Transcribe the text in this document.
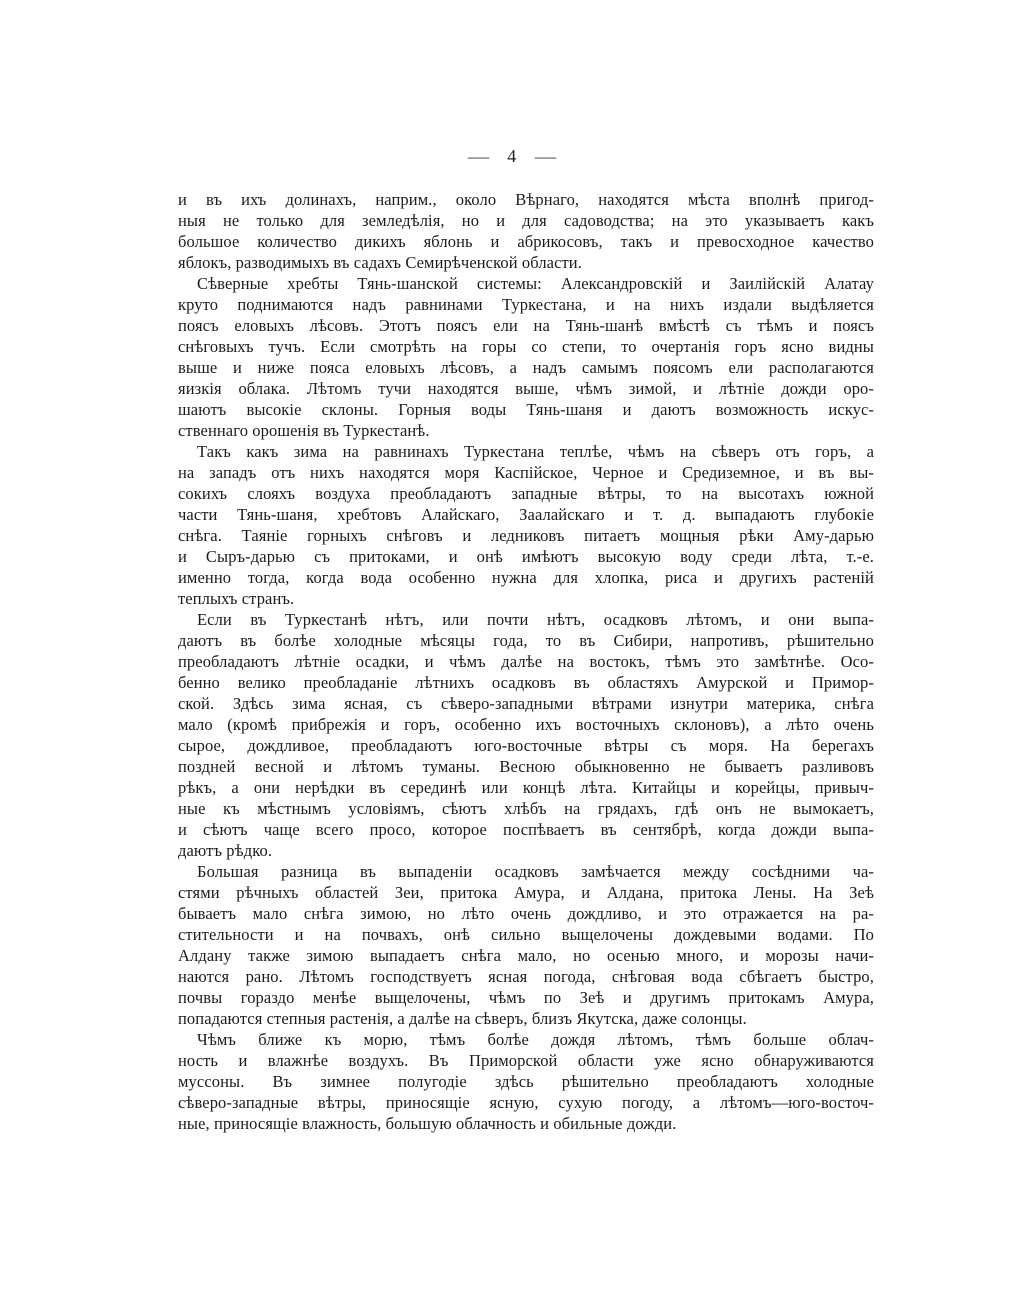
— 4 —
и въ ихъ долинахъ, наприм., около Вѣрнаго, находятся мѣста вполнѣ пригод-
ныя не только для земледѣлія, но и для садоводства; на это указываетъ какъ
большое количество дикихъ яблонь и абрикосовъ, такъ и превосходное качество
яблокъ, разводимыхъ въ садахъ Семирѣченской области.
Сѣверные хребты Тянь-шанской системы: Александровскій и Заилійскій Алатау
круто поднимаются надъ равнинами Туркестана, и на нихъ издали выдѣляется
поясъ еловыхъ лѣсовъ. Этотъ поясъ ели на Тянь-шанѣ вмѣстѣ съ тѣмъ и поясъ
снѣговыхъ тучъ. Если смотрѣть на горы со степи, то очертанія горъ ясно видны
выше и ниже пояса еловыхъ лѣсовъ, а надъ самымъ поясомъ ели располагаются
яизкія облака. Лѣтомъ тучи находятся выше, чѣмъ зимой, и лѣтніе дожди оро-
шаютъ высокіе склоны. Горныя воды Тянь-шаня и даютъ возможность искус-
ственнаго орошенія въ Туркестанѣ.
Такъ какъ зима на равнинахъ Туркестана теплѣе, чѣмъ на сѣверъ отъ горъ, а
на западъ отъ нихъ находятся моря Каспійское, Черное и Средиземное, и въ вы-
сокихъ слояхъ воздуха преобладаютъ западные вѣтры, то на высотахъ южной
части Тянь-шаня, хребтовъ Алайскаго, Заалайскаго и т. д. выпадаютъ глубокіе
снѣга. Таяніе горныхъ снѣговъ и ледниковъ питаетъ мощныя рѣки Аму-дарью
и Сыръ-дарью съ притоками, и онѣ имѣютъ высокую воду среди лѣта, т.-е.
именно тогда, когда вода особенно нужна для хлопка, риса и другихъ растеній
теплыхъ странъ.
Если въ Туркестанѣ нѣтъ, или почти нѣтъ, осадковъ лѣтомъ, и они выпа-
даютъ въ болѣе холодные мѣсяцы года, то въ Сибири, напротивъ, рѣшительно
преобладаютъ лѣтніе осадки, и чѣмъ далѣе на востокъ, тѣмъ это замѣтнѣе. Осо-
бенно велико преобладаніе лѣтнихъ осадковъ въ областяхъ Амурской и Примор-
ской. Здѣсь зима ясная, съ сѣверо-западными вѣтрами изнутри материка, снѣга
мало (кромѣ прибрежія и горъ, особенно ихъ восточныхъ склоновъ), а лѣто очень
сырое, дождливое, преобладаютъ юго-восточные вѣтры съ моря. На берегахъ
поздней весной и лѣтомъ туманы. Весною обыкновенно не бываетъ разливовъ
рѣкъ, а они нерѣдки въ серединѣ или концѣ лѣта. Китайцы и корейцы, привыч-
ные къ мѣстнымъ условіямъ, сѣютъ хлѣбъ на грядахъ, гдѣ онъ не вымокаетъ,
и сѣютъ чаще всего просо, которое поспѣваетъ въ сентябрѣ, когда дожди выпа-
даютъ рѣдко.
Большая разница въ выпаденіи осадковъ замѣчается между сосѣдними ча-
стями рѣчныхъ областей Зеи, притока Амура, и Алдана, притока Лены. На Зеѣ
бываетъ мало снѣга зимою, но лѣто очень дождливо, и это отражается на ра-
стительности и на почвахъ, онѣ сильно выщелочены дождевыми водами. По
Алдану также зимою выпадаетъ снѣга мало, но осенью много, и морозы начи-
наются рано. Лѣтомъ господствуетъ ясная погода, снѣговая вода сбѣгаетъ быстро,
почвы гораздо менѣе выщелочены, чѣмъ по Зеѣ и другимъ притокамъ Амура,
попадаются степныя растенія, а далѣе на сѣверъ, близъ Якутска, даже солонцы.
Чѣмъ ближе къ морю, тѣмъ болѣе дождя лѣтомъ, тѣмъ больше облач-
ность и влажнѣе воздухъ. Въ Приморской области уже ясно обнаруживаются
муссоны. Въ зимнее полугодіе здѣсь рѣшительно преобладаютъ холодные
сѣверо-западные вѣтры, приносящіе ясную, сухую погоду, а лѣтомъ—юго-восточ-
ные, приносящіе влажность, большую облачность и обильные дожди.
